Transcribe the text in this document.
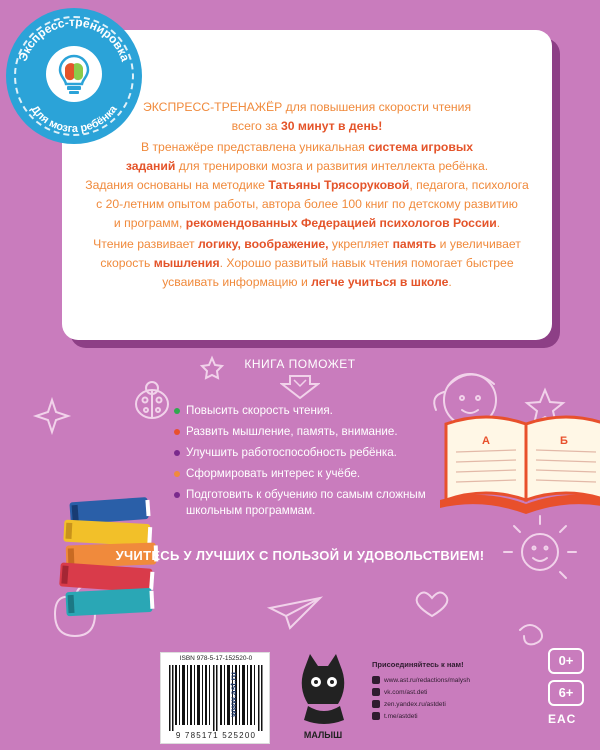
ЭКСПРЕСС-ТРЕНАЖЁР для повышения скорости чтения

всего за 30 минут в день!

В тренажёре представлена уникальная система игровых

заданий для тренировки мозга и развития интеллекта ребёнка.

Задания основаны на методике Татьяны Трясоруковой, педагога, психолога

с 20-летним опытом работы, автора более 100 книг по детскому развитию

и программ, рекомендованных Федерацией психологов России.

Чтение развивает логику, воображение, укрепляет память и увеличивает

скорость мышления. Хорошо развитый навык чтения помогает быстрее

усваивать информацию и легче учиться в школе.

Экспресс-тренировка
Для мозга ребёнка
А	Б
КНИГА ПОМОЖЕТ
Повысить скорость чтения.
Развить мышление, память, внимание.
Улучшить работоспособность ребёнка.
Сформировать интерес к учёбе.
Подготовить к обучению по самым сложным школьным программам.
УЧИТЕСЬ У ЛУЧШИХ С ПОЛЬЗОЙ И УДОВОЛЬСТВИЕМ!
0+
6+
EAC
ISBN 978-5-17-152520-0
9 785171 525200
www.ast.ru
МАЛЫШ
Присоединяйтесь к нам!
www.ast.ru/redactions/malysh
vk.com/ast.deti
zen.yandex.ru/astdeti
t.me/astdeti
